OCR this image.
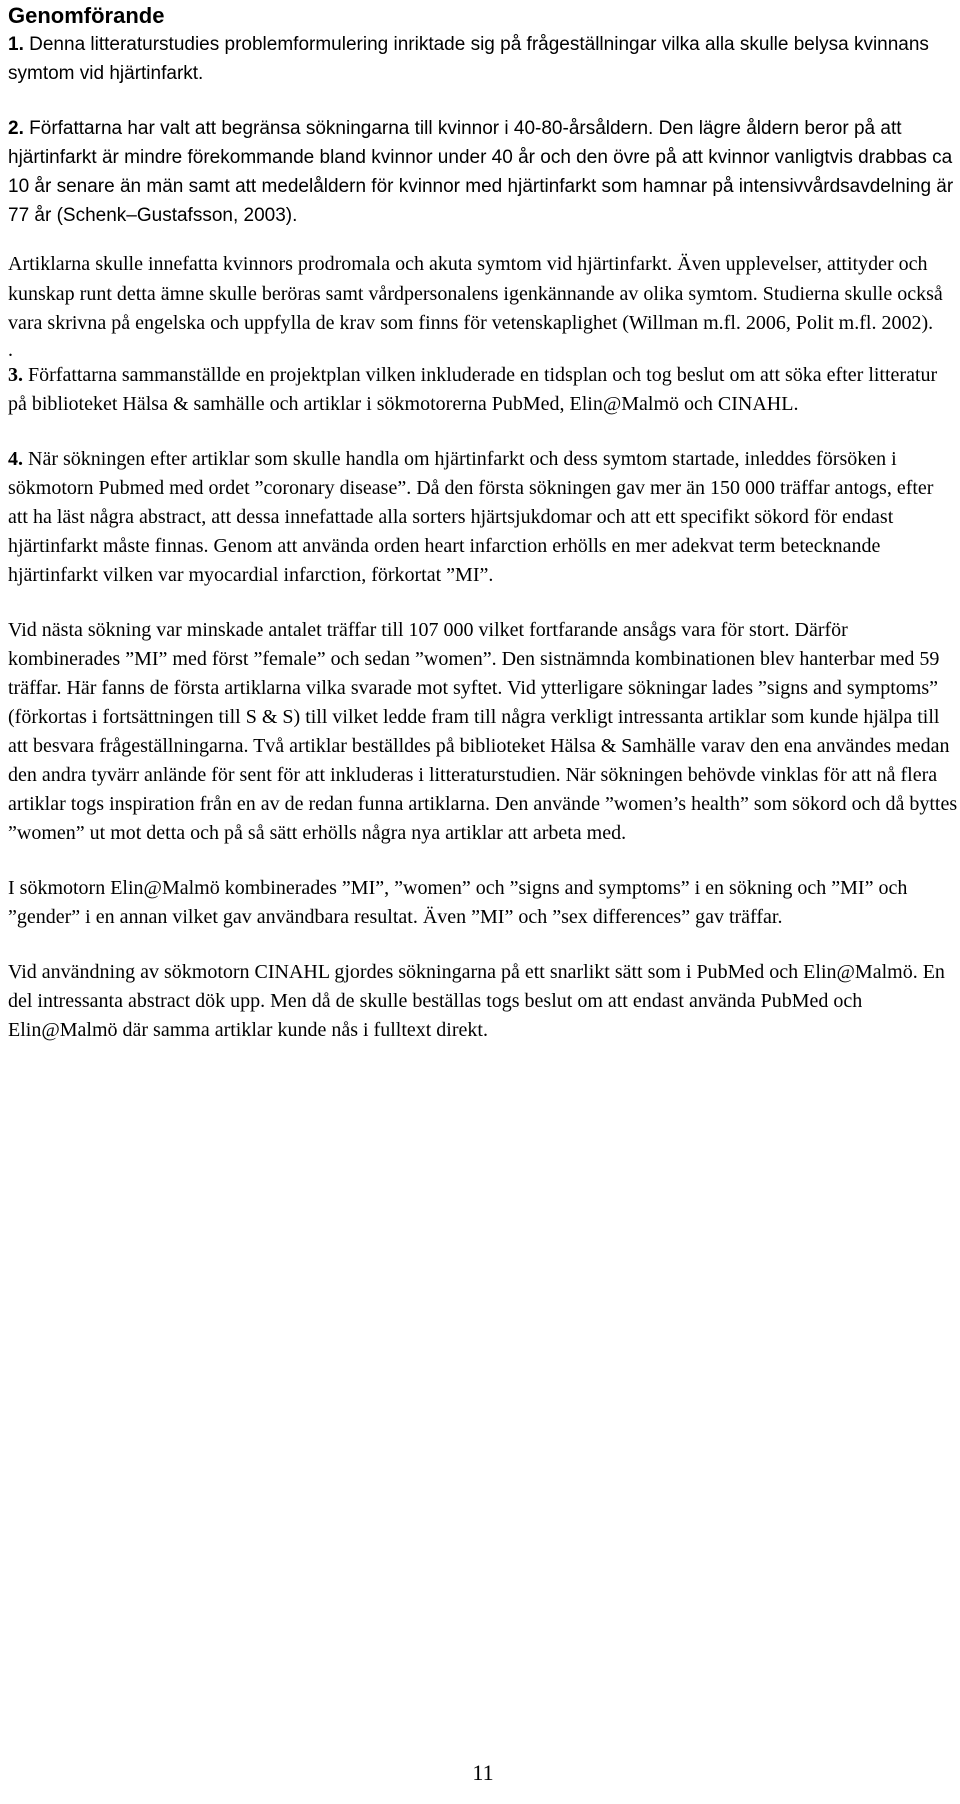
Genomförande

1. Denna litteraturstudies problemformulering inriktade sig på frågeställningar vilka alla skulle belysa kvinnans symtom vid hjärtinfarkt.

2. Författarna har valt att begränsa sökningarna till kvinnor i 40-80-årsåldern. Den lägre åldern beror på att hjärtinfarkt är mindre förekommande bland kvinnor under 40 år och den övre på att kvinnor vanligtvis drabbas ca 10 år senare än män samt att medelåldern för kvinnor med hjärtinfarkt som hamnar på intensivvårdsavdelning är 77 år (Schenk–Gustafsson, 2003).

Artiklarna skulle innefatta kvinnors prodromala och akuta symtom vid hjärtinfarkt. Även upplevelser, attityder och kunskap runt detta ämne skulle beröras samt vårdpersonalens igenkännande av olika symtom. Studierna skulle också vara skrivna på engelska och uppfylla de krav som finns för vetenskaplighet (Willman m.fl. 2006, Polit m.fl. 2002).

.

3. Författarna sammanställde en projektplan vilken inkluderade en tidsplan och tog beslut om att söka efter litteratur på biblioteket Hälsa & samhälle och artiklar i sökmotorerna PubMed, Elin@Malmö och CINAHL.

4. När sökningen efter artiklar som skulle handla om hjärtinfarkt och dess symtom startade, inleddes försöken i sökmotorn Pubmed med ordet ”coronary disease”. Då den första sökningen gav mer än 150 000 träffar antogs, efter att ha läst några abstract, att dessa innefattade alla sorters hjärtsjukdomar och att ett specifikt sökord för endast hjärtinfarkt måste finnas. Genom att använda orden heart infarction erhölls en mer adekvat term betecknande hjärtinfarkt vilken var myocardial infarction, förkortat ”MI”.

Vid nästa sökning var minskade antalet träffar till 107 000 vilket fortfarande ansågs vara för stort. Därför kombinerades ”MI” med först ”female” och sedan ”women”. Den sistnämnda kombinationen blev hanterbar med 59 träffar. Här fanns de första artiklarna vilka svarade mot syftet. Vid ytterligare sökningar lades ”signs and symptoms” (förkortas i fortsättningen till S & S) till vilket ledde fram till några verkligt intressanta artiklar som kunde hjälpa till att besvara frågeställningarna. Två artiklar beställdes på biblioteket Hälsa & Samhälle varav den ena användes medan den andra tyvärr anlände för sent för att inkluderas i litteraturstudien. När sökningen behövde vinklas för att nå flera artiklar togs inspiration från en av de redan funna artiklarna. Den använde ”women’s health” som sökord och då byttes ”women” ut mot detta och på så sätt erhölls några nya artiklar att arbeta med.

I sökmotorn Elin@Malmö kombinerades ”MI”, ”women” och ”signs and symptoms” i en sökning och ”MI” och ”gender” i en annan vilket gav användbara resultat. Även ”MI” och ”sex differences” gav träffar.

Vid användning av sökmotorn CINAHL gjordes sökningarna på ett snarlikt sätt som i PubMed och Elin@Malmö. En del intressanta abstract dök upp. Men då de skulle beställas togs beslut om att endast använda PubMed och Elin@Malmö där samma artiklar kunde nås i fulltext direkt.

11
